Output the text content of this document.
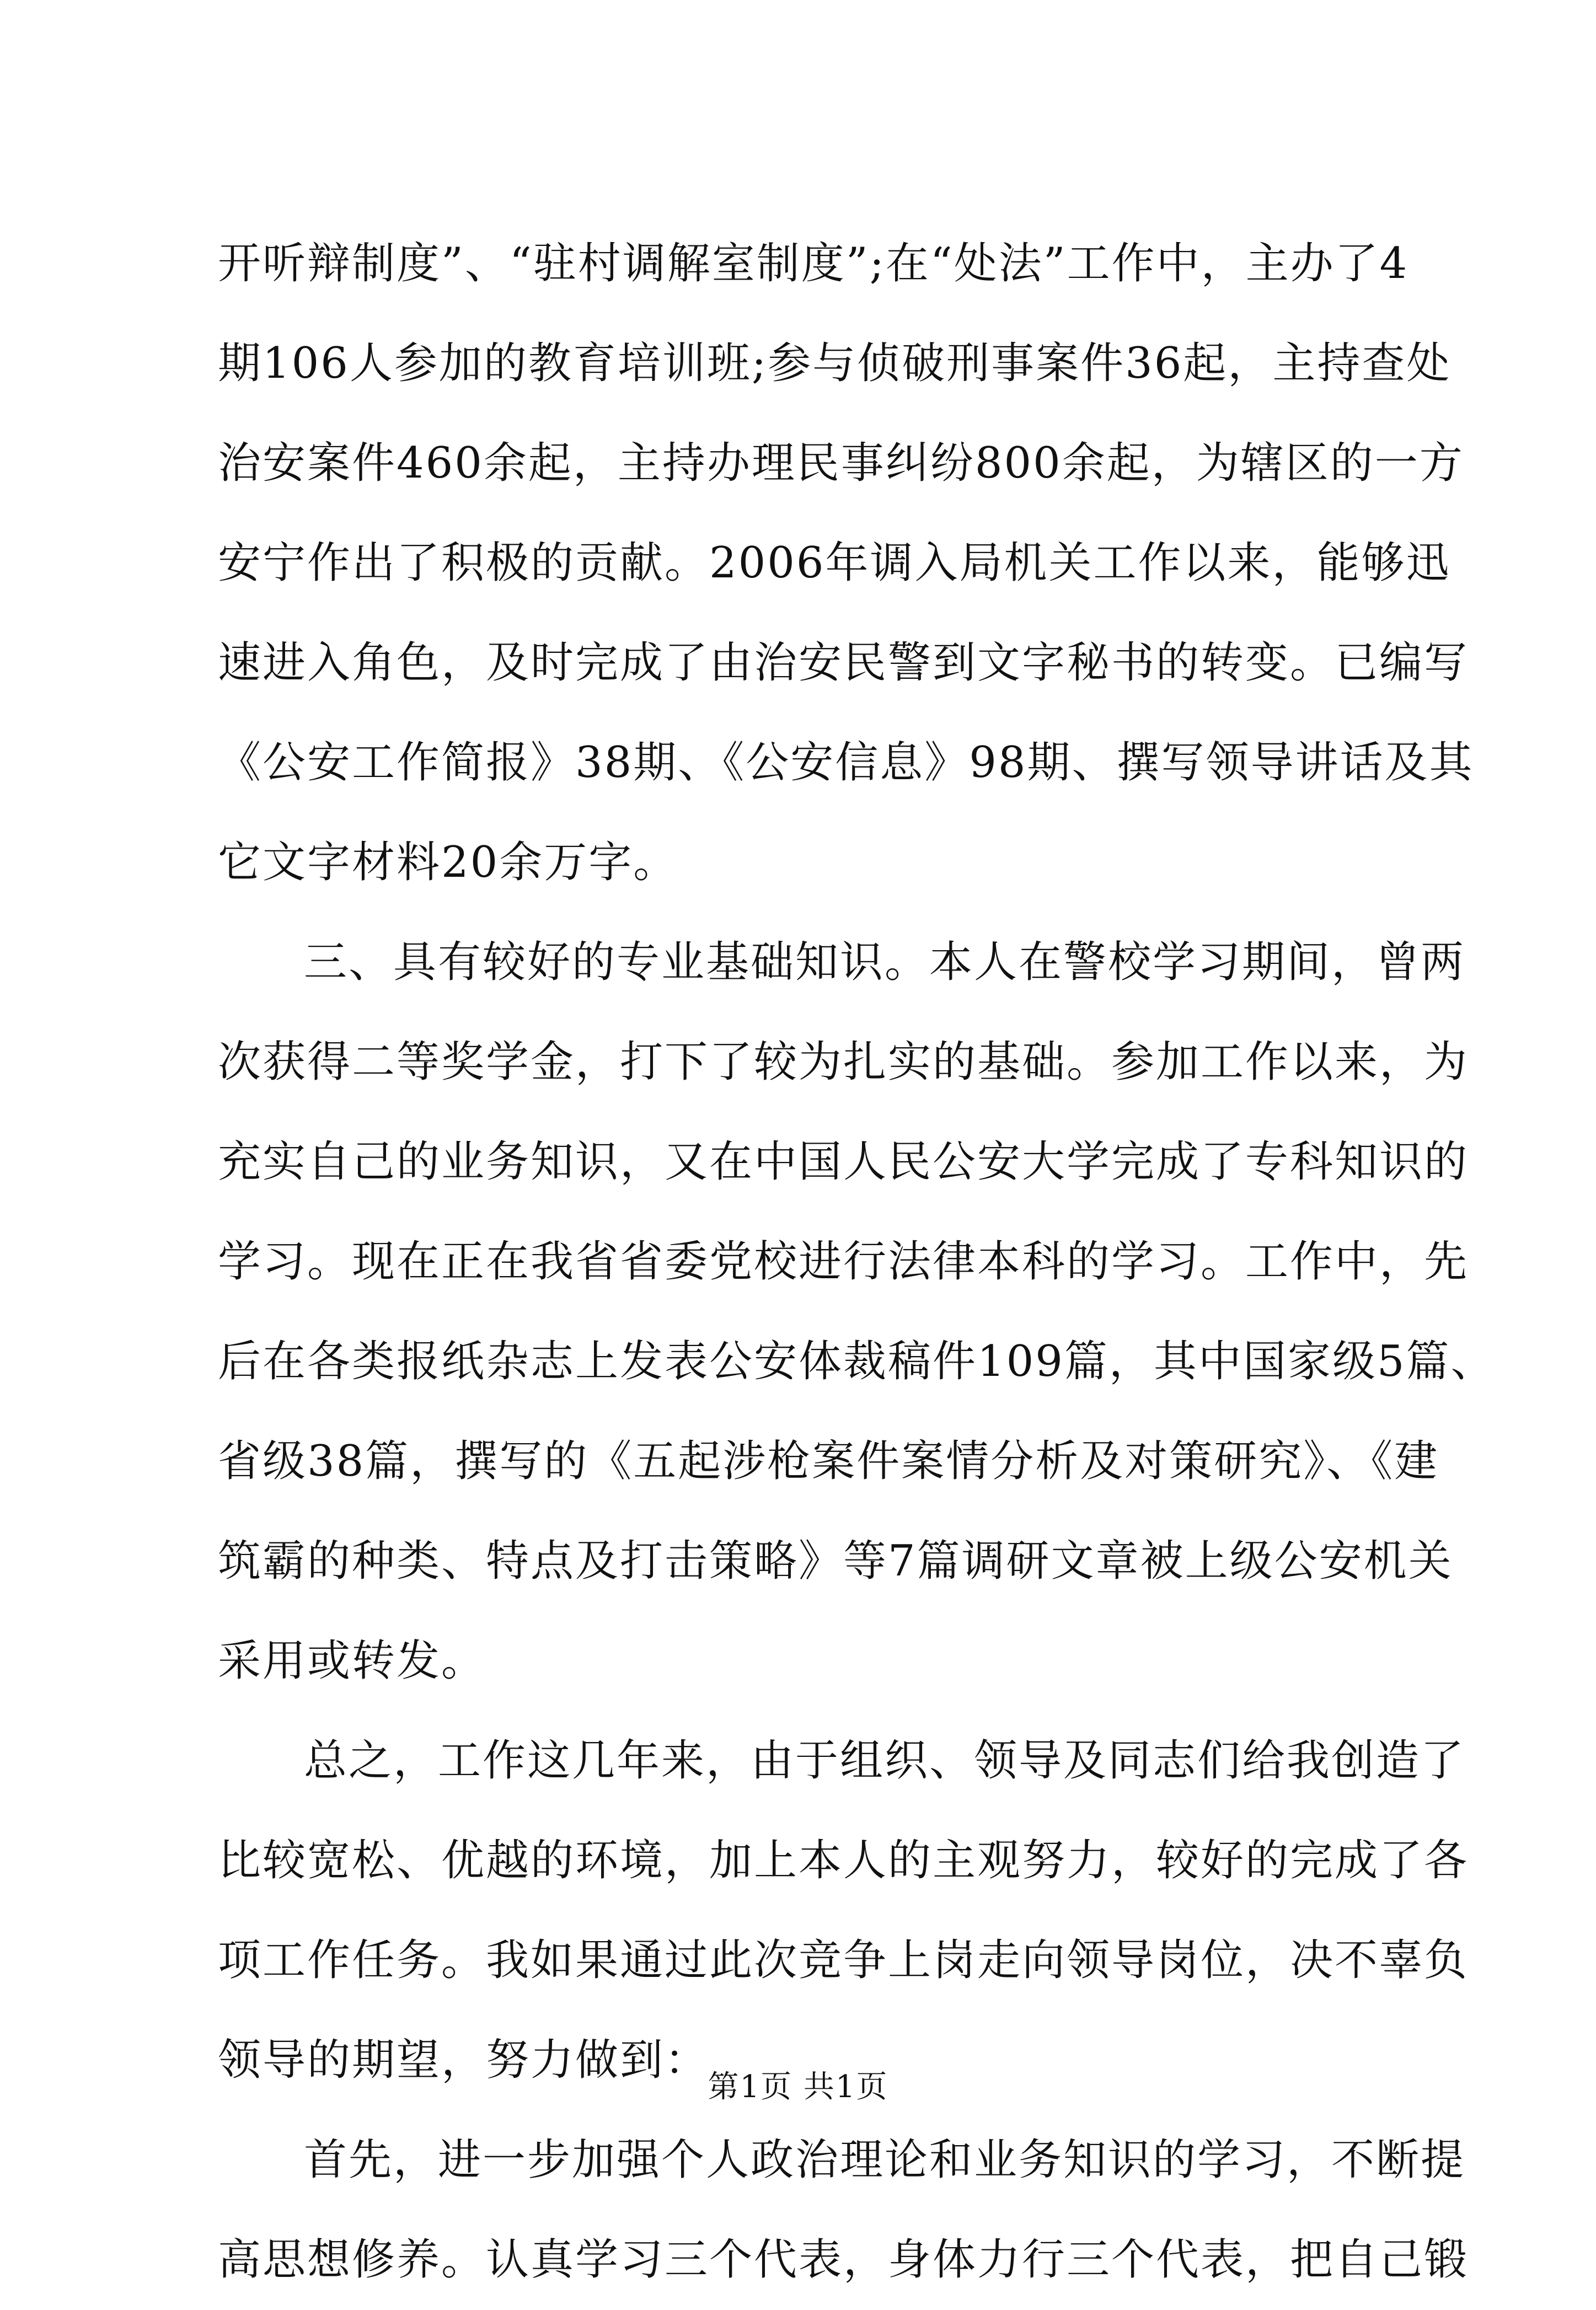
开听辩制度”、“驻村调解室制度”;在“处法”工作中，主办了4
期106人参加的教育培训班;参与侦破刑事案件36起，主持查处
治安案件460余起，主持办理民事纠纷800余起，为辖区的一方
安宁作出了积极的贡献。2006年调入局机关工作以来，能够迅
速进入角色，及时完成了由治安民警到文字秘书的转变。已编写
《公安工作简报》38期、《公安信息》98期、撰写领导讲话及其
它文字材料20余万字。
三、具有较好的专业基础知识。本人在警校学习期间，曾两
次获得二等奖学金，打下了较为扎实的基础。参加工作以来，为
充实自己的业务知识，又在中国人民公安大学完成了专科知识的
学习。现在正在我省省委党校进行法律本科的学习。工作中，先
后在各类报纸杂志上发表公安体裁稿件109篇，其中国家级5篇、
省级38篇，撰写的《五起涉枪案件案情分析及对策研究》、《建
筑霸的种类、特点及打击策略》等7篇调研文章被上级公安机关
采用或转发。
总之，工作这几年来，由于组织、领导及同志们给我创造了
比较宽松、优越的环境，加上本人的主观努力，较好的完成了各
项工作任务。我如果通过此次竞争上岗走向领导岗位，决不辜负
领导的期望，努力做到：
首先，进一步加强个人政治理论和业务知识的学习，不断提
高思想修养。认真学习三个代表，身体力行三个代表，把自己锻
第1页 共1页
